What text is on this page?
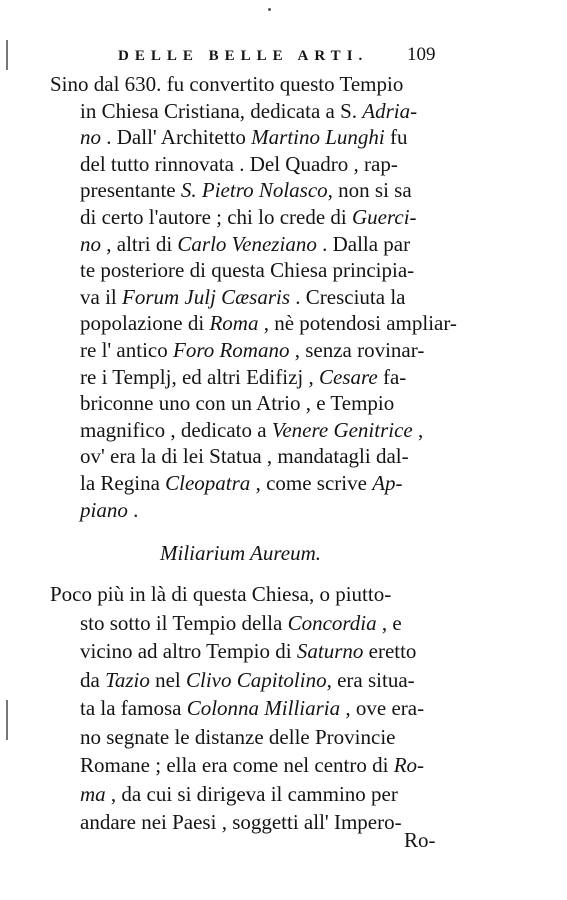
DELLE BELLE ARTI. 109
Sino dal 630. fu convertito questo Tempio
in Chiesa Cristiana, dedicata a S. Adria-
no . Dall' Architetto Martino Lunghi fu
del tutto rinnovata . Del Quadro , rap-
presentante S. Pietro Nolasco, non si sa
di certo l'autore ; chi lo crede di Guerci-
no , altri di Carlo Veneziano . Dalla par
te posteriore di questa Chiesa principia-
va il Forum Julj Cæsaris . Cresciuta la
popolazione di Roma , nè potendosi ampliar-
re l' antico Foro Romano , senza rovinar-
re i Templj, ed altri Edifizj , Cesare fa-
briconne uno con un Atrio , e Tempio
magnifico , dedicato a Venere Genitrice ,
ov' era la di lei Statua , mandatagli dal-
la Regina Cleopatra , come scrive Ap-
piano .
Miliarium Aureum.
Poco più in là di questa Chiesa, o piutto-
sto sotto il Tempio della Concordia , e
vicino ad altro Tempio di Saturno eretto
da Tazio nel Clivo Capitolino, era situa-
ta la famosa Colonna Milliaria , ove era-
no segnate le distanze delle Provincie
Romane ; ella era come nel centro di Ro-
ma , da cui si dirigeva il cammino per
andare nei Paesi , soggetti all' Impero-
Ro-
